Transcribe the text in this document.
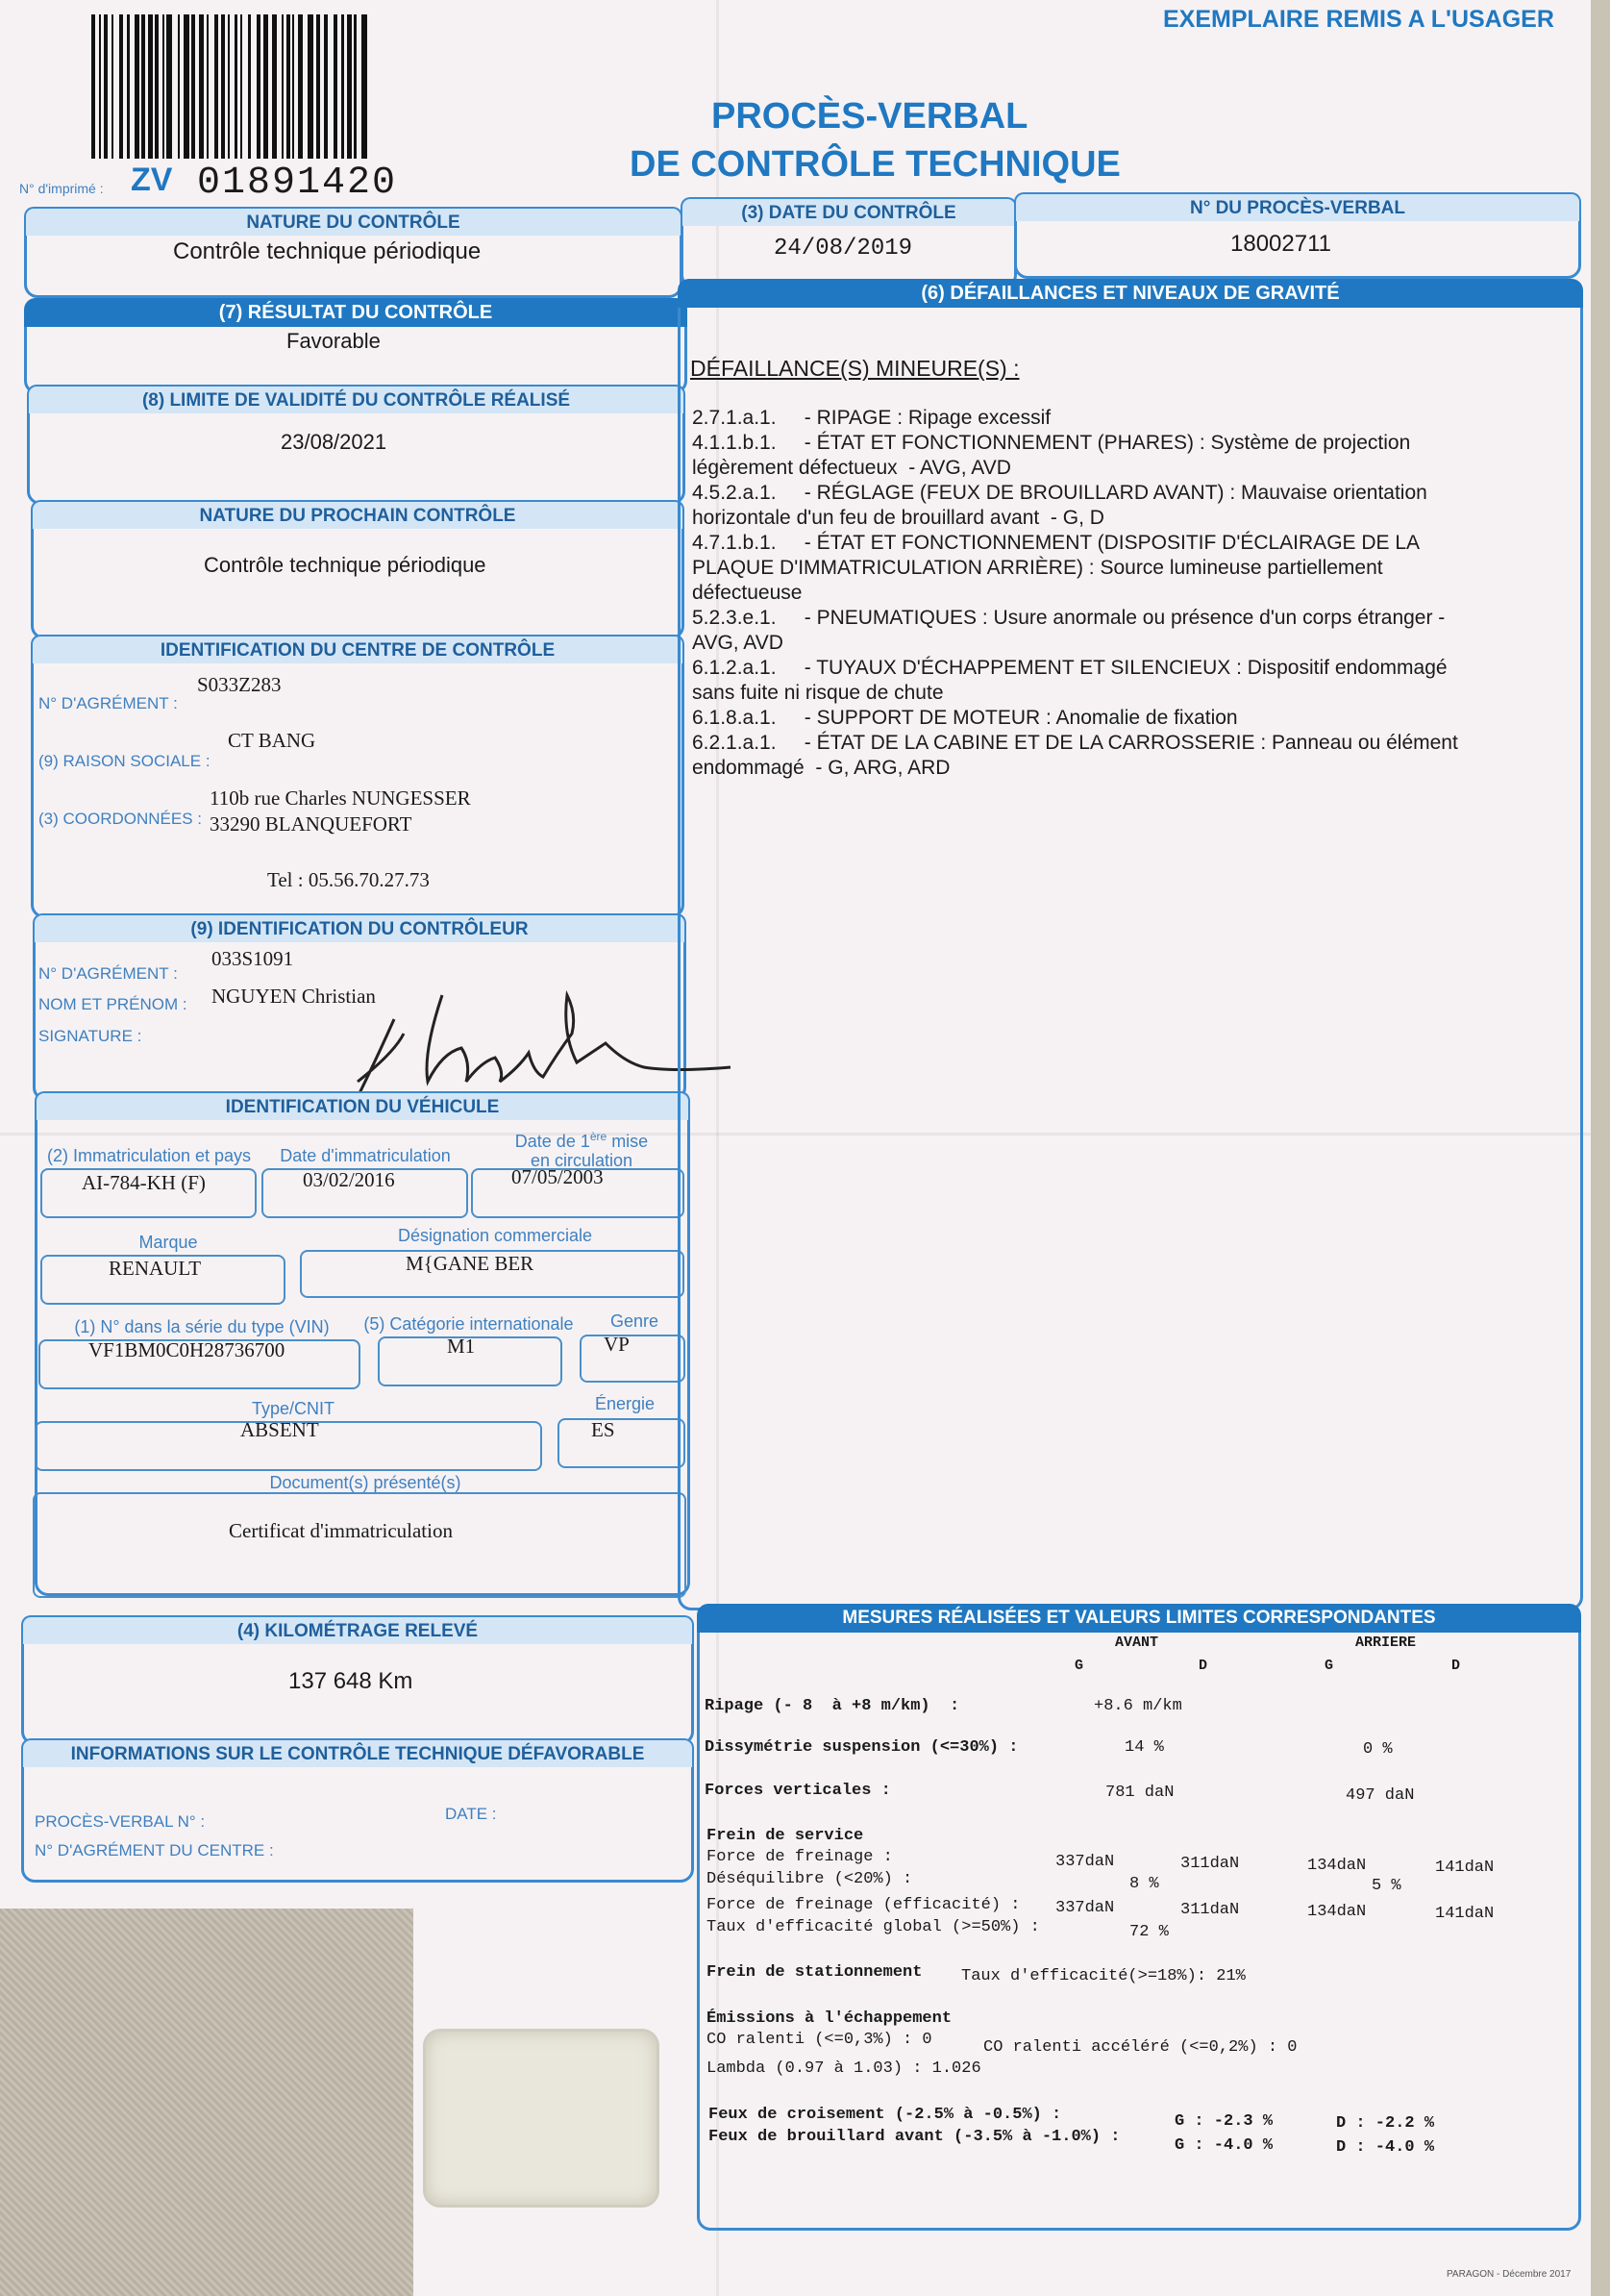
N° d'imprimé : ZV 01891420
EXEMPLAIRE REMIS A L'USAGER
PROCÈS-VERBAL
DE CONTRÔLE TECHNIQUE
NATURE DU CONTRÔLE
Contrôle technique périodique
(3) DATE DU CONTRÔLE
24/08/2019
N° DU PROCÈS-VERBAL
18002711
(7) RÉSULTAT DU CONTRÔLE
Favorable
(8) LIMITE DE VALIDITÉ DU CONTRÔLE RÉALISÉ
23/08/2021
NATURE DU PROCHAIN CONTRÔLE
Contrôle technique périodique
IDENTIFICATION DU CENTRE DE CONTRÔLE
N° D'AGRÉMENT :
S033Z283
(9) RAISON SOCIALE :
CT BANG
(3) COORDONNÉES :
110b rue Charles NUNGESSER
33290 BLANQUEFORT
Tel : 05.56.70.27.73
(9) IDENTIFICATION DU CONTRÔLEUR
N° D'AGRÉMENT :
033S1091
NOM ET PRÉNOM : NGUYEN Christian
SIGNATURE :
IDENTIFICATION DU VÉHICULE
(2) Immatriculation et pays
AI-784-KH (F)
Date d'immatriculation
03/02/2016
Date de 1ère mise
en circulation
07/05/2003
Marque
RENAULT
Désignation commerciale
M{GANE BER
(1) N° dans la série du type (VIN)
VF1BM0C0H28736700
(5) Catégorie internationale
M1
Genre
VP
Type/CNIT
ABSENT
Énergie
ES
Document(s) présenté(s)
Certificat d'immatriculation
(4) KILOMÉTRAGE RELEVÉ
137 648 Km
INFORMATIONS SUR LE CONTRÔLE TECHNIQUE DÉFAVORABLE
PROCÈS-VERBAL N° :	DATE :
N° D'AGRÉMENT DU CENTRE :
(6) DÉFAILLANCES ET NIVEAUX DE GRAVITÉ
DÉFAILLANCE(S) MINEURE(S) :
2.7.1.a.1.     - RIPAGE : Ripage excessif
4.1.1.b.1.     - ÉTAT ET FONCTIONNEMENT (PHARES) : Système de projection
légèrement défectueux  - AVG, AVD
4.5.2.a.1.     - RÉGLAGE (FEUX DE BROUILLARD AVANT) : Mauvaise orientation
horizontale d'un feu de brouillard avant  - G, D
4.7.1.b.1.     - ÉTAT ET FONCTIONNEMENT (DISPOSITIF D'ÉCLAIRAGE DE LA
PLAQUE D'IMMATRICULATION ARRIÈRE) : Source lumineuse partiellement
défectueuse
5.2.3.e.1.     - PNEUMATIQUES : Usure anormale ou présence d'un corps étranger -
AVG, AVD
6.1.2.a.1.     - TUYAUX D'ÉCHAPPEMENT ET SILENCIEUX : Dispositif endommagé
sans fuite ni risque de chute
6.1.8.a.1.     - SUPPORT DE MOTEUR : Anomalie de fixation
6.2.1.a.1.     - ÉTAT DE LA CABINE ET DE LA CARROSSERIE : Panneau ou élément
endommagé  - G, ARG, ARD
MESURES RÉALISÉES ET VALEURS LIMITES CORRESPONDANTES
AVANT	ARRIERE
G	D	G	D
Ripage (- 8  à +8 m/km)  :	+8.6 m/km
Dissymétrie suspension (<=30%) :	14 %	0 %
Forces verticales :	781 daN	497 daN
Frein de service
Force de freinage :	337daN	311daN	134daN	141daN
Déséquilibre (<20%) :	8 %	5 %
Force de freinage (efficacité) : 337daN	311daN	134daN	141daN
Taux d'efficacité global (>=50%) :	72 %
Frein de stationnement Taux d'efficacité(>=18%): 21%
Émissions à l'échappement
CO ralenti (<=0,3%) : 0	CO ralenti accéléré (<=0,2%) : 0
Lambda (0.97 à 1.03) : 1.026
Feux de croisement (-2.5% à -0.5%) :	G : -2.3 %	D : -2.2 %
Feux de brouillard avant (-3.5% à -1.0%) :	G : -4.0 %	D : -4.0 %
PARAGON - Décembre 2017
